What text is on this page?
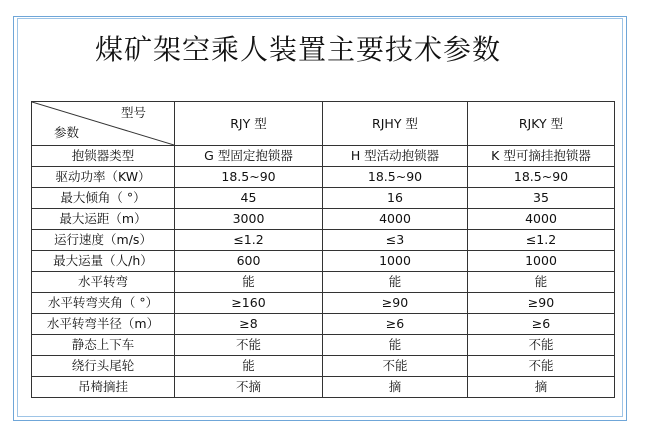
煤矿架空乘人装置主要技术参数
型号
参数	RJY 型	RJHY 型	RJKY 型
抱锁器类型	G 型固定抱锁器	H 型活动抱锁器	K 型可摘挂抱锁器
驱动功率（KW）	18.5~90	18.5~90	18.5~90
最大倾角（ °）	45	16	35
最大运距（m）	3000	4000	4000
运行速度（m/s）	≤1.2	≤3	≤1.2
最大运量（人/h）	600	1000	1000
水平转弯	能	能	能
水平转弯夹角（ °）	≥160	≥90	≥90
水平转弯半径（m）	≥8	≥6	≥6
静态上下车	不能	能	不能
绕行头尾轮	能	不能	不能
吊椅摘挂	不摘	摘	摘
